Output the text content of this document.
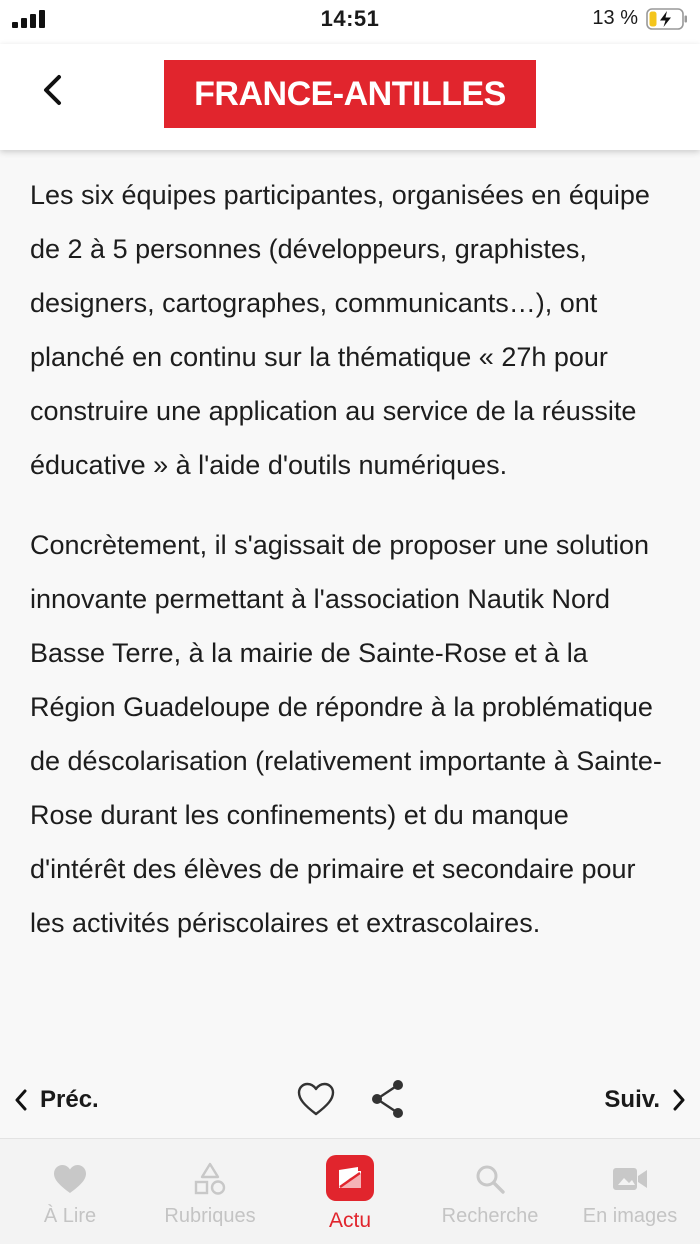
14:51	13 %
FRANCE-ANTILLES

Les six équipes participantes, organisées en équipe de 2 à 5 personnes (développeurs, graphistes, designers, cartographes, communicants…), ont planché en continu sur la thématique « 27h pour construire une application au service de la réussite éducative » à l'aide d'outils numériques.

Concrètement, il s'agissait de proposer une solution innovante permettant à l'association Nautik Nord Basse Terre, à la mairie de Sainte-Rose et à la Région Guadeloupe de répondre à la problématique de déscolarisation (relativement importante à Sainte-Rose durant les confinements) et du manque d'intérêt des élèves de primaire et secondaire pour les activités périscolaires et extrascolaires.

Préc.	Suiv.
À Lire	Rubriques	Actu	Recherche En images
